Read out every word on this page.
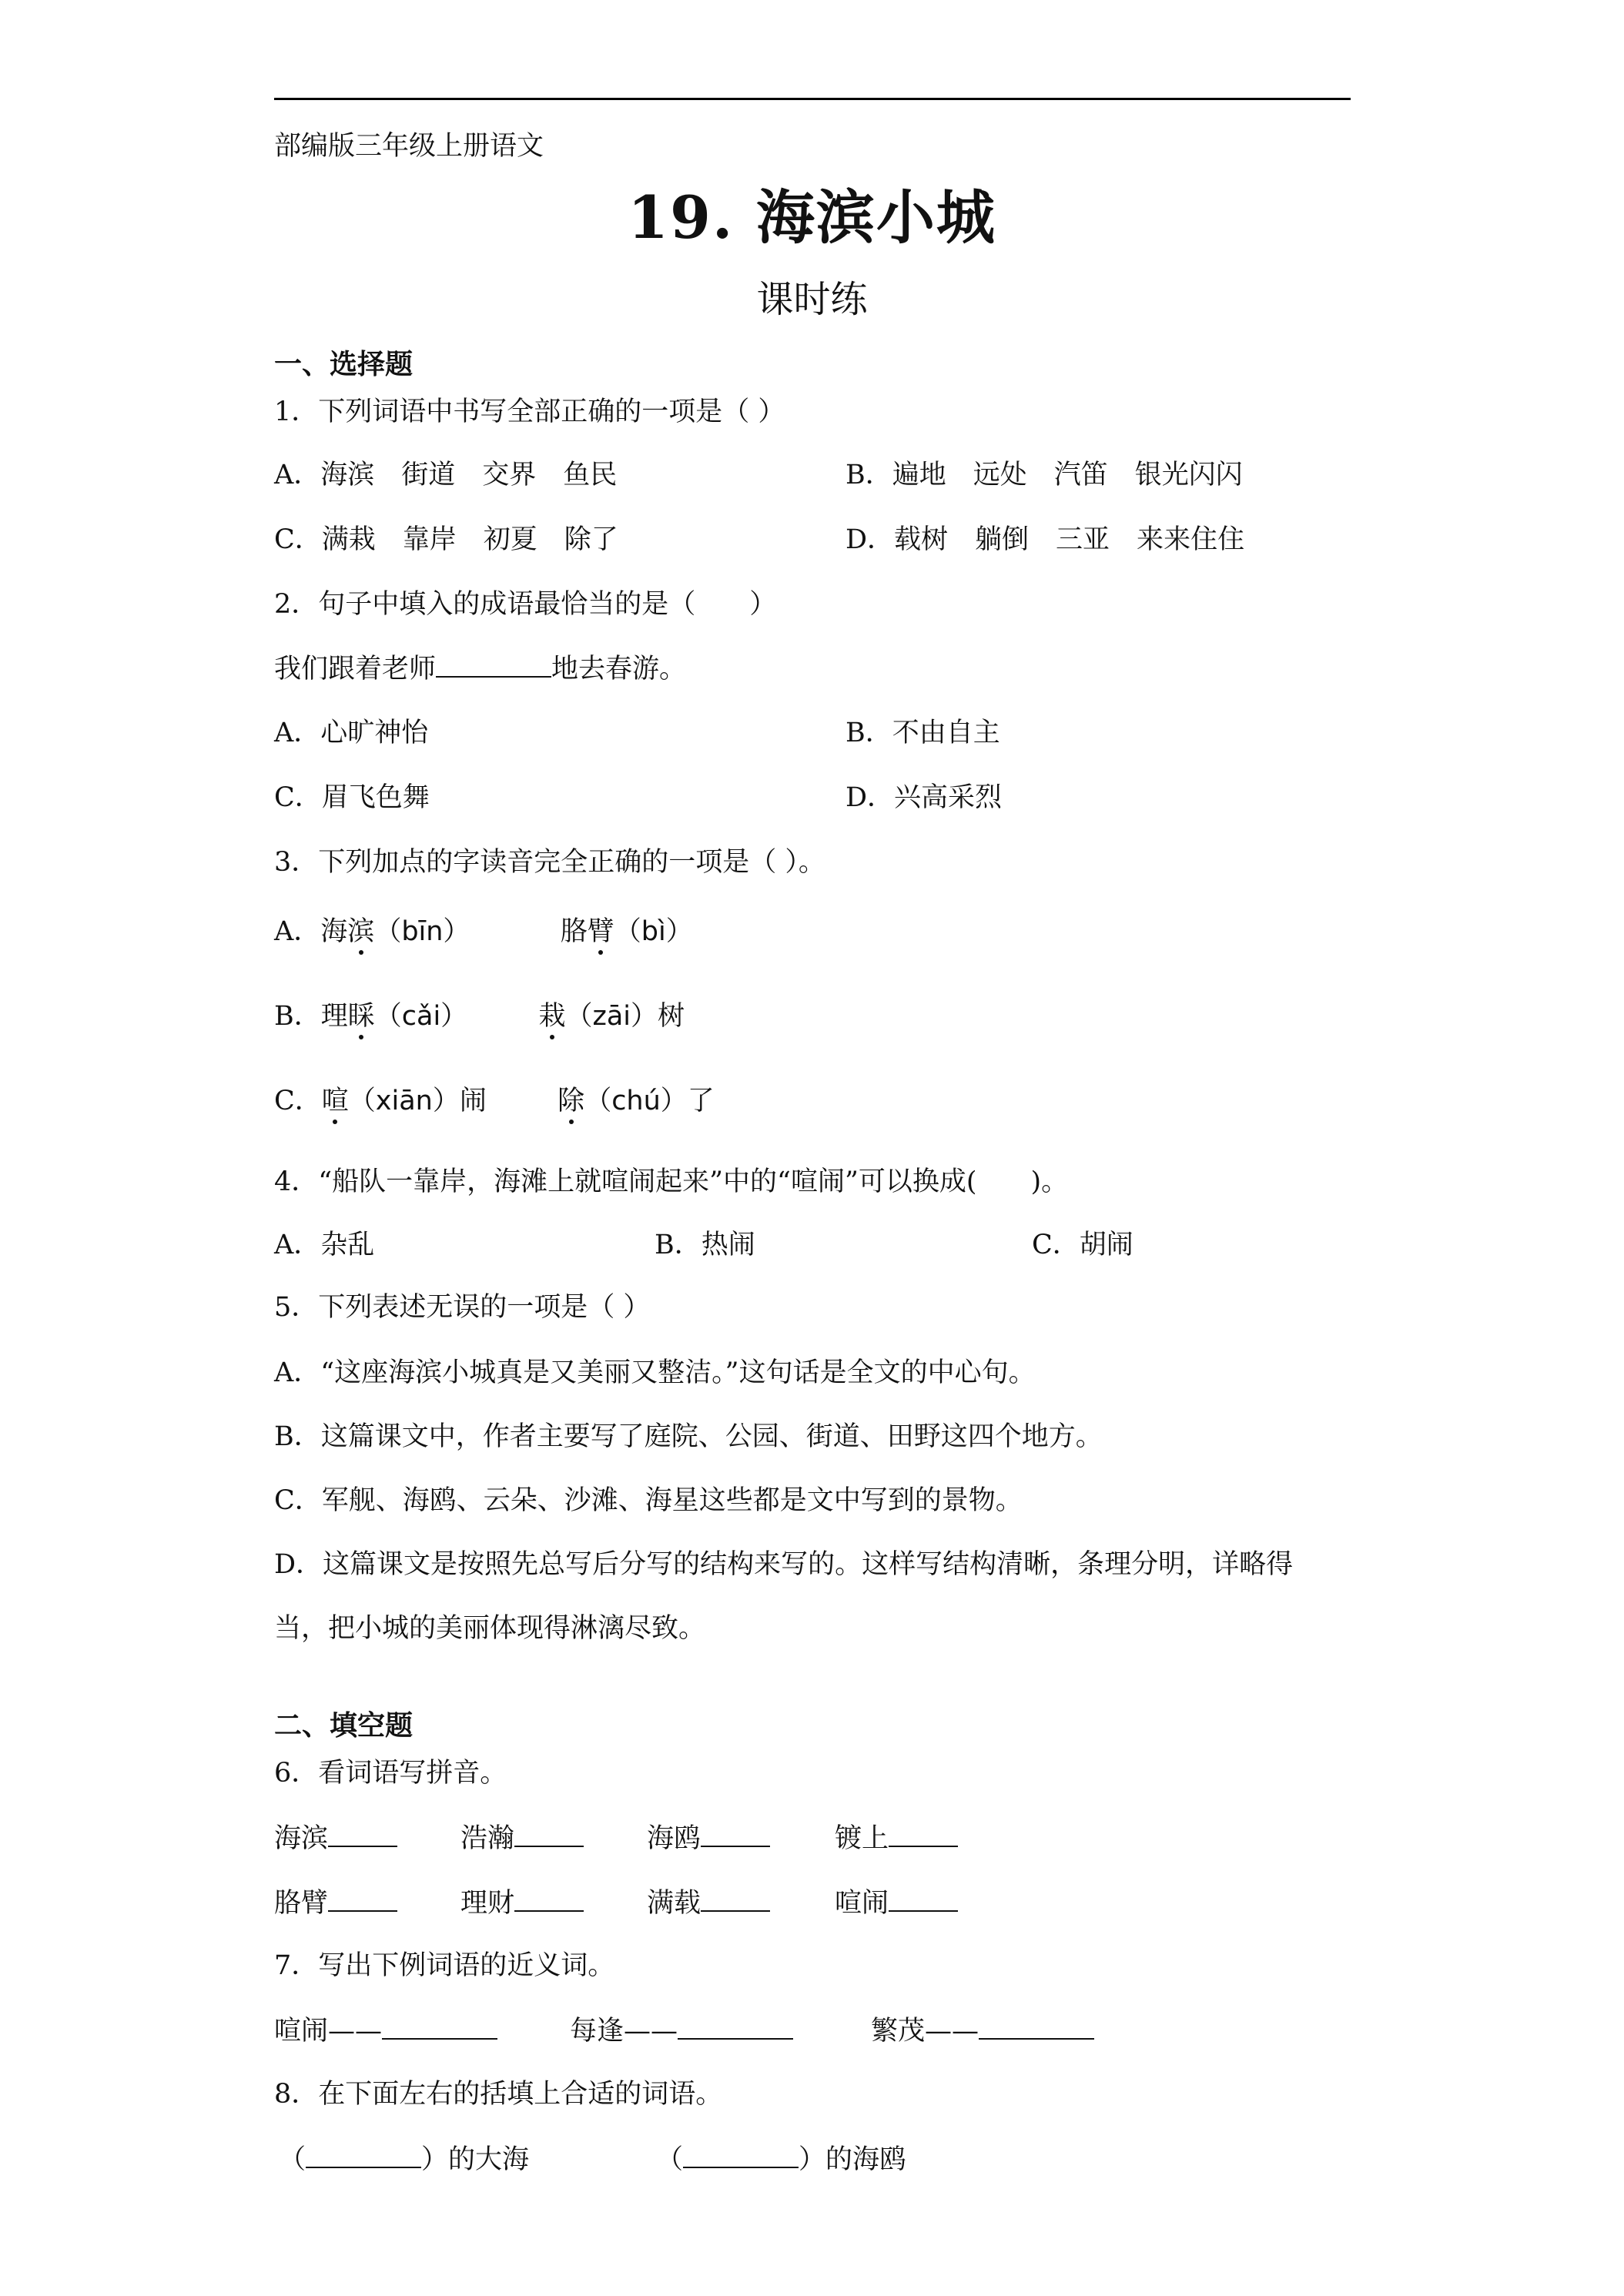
部编版三年级上册语文
19. 海滨小城
课时练
一、选择题
1．下列词语中书写全部正确的一项是（ ）
A．海滨　街道　交界　鱼民	B．遍地　远处　汽笛　银光闪闪
C．满栽　靠岸　初夏　除了	D．载树　躺倒　三亚　来来住住
2．句子中填入的成语最恰当的是（　　）
我们跟着老师	地去春游。
A．心旷神怡	B．不由自主
C．眉飞色舞	D．兴高采烈
3．下列加点的字读音完全正确的一项是（ ）。
A．海滨（bīn）	胳臂（bì）
B．理睬（cǎi）	栽（zāi）树
C．喧（xiān）闹	除（chú）了
4．“船队一靠岸，海滩上就喧闹起来”中的“喧闹”可以换成(　　)。
A．杂乱	B．热闹	C．胡闹
5．下列表述无误的一项是（ ）
A．“这座海滨小城真是又美丽又整洁。”这句话是全文的中心句。
B．这篇课文中，作者主要写了庭院、公园、街道、田野这四个地方。
C．军舰、海鸥、云朵、沙滩、海星这些都是文中写到的景物。
D．这篇课文是按照先总写后分写的结构来写的。这样写结构清晰，条理分明，详略得
当，把小城的美丽体现得淋漓尽致。
二、填空题
6．看词语写拼音。
海滨	浩瀚	海鸥	镀上
胳臂	理财	满载	喧闹
7．写出下例词语的近义词。
喧闹——	每逢——	繁茂——
8．在下面左右的括填上合适的词语。
（	）的大海	（	）的海鸥
